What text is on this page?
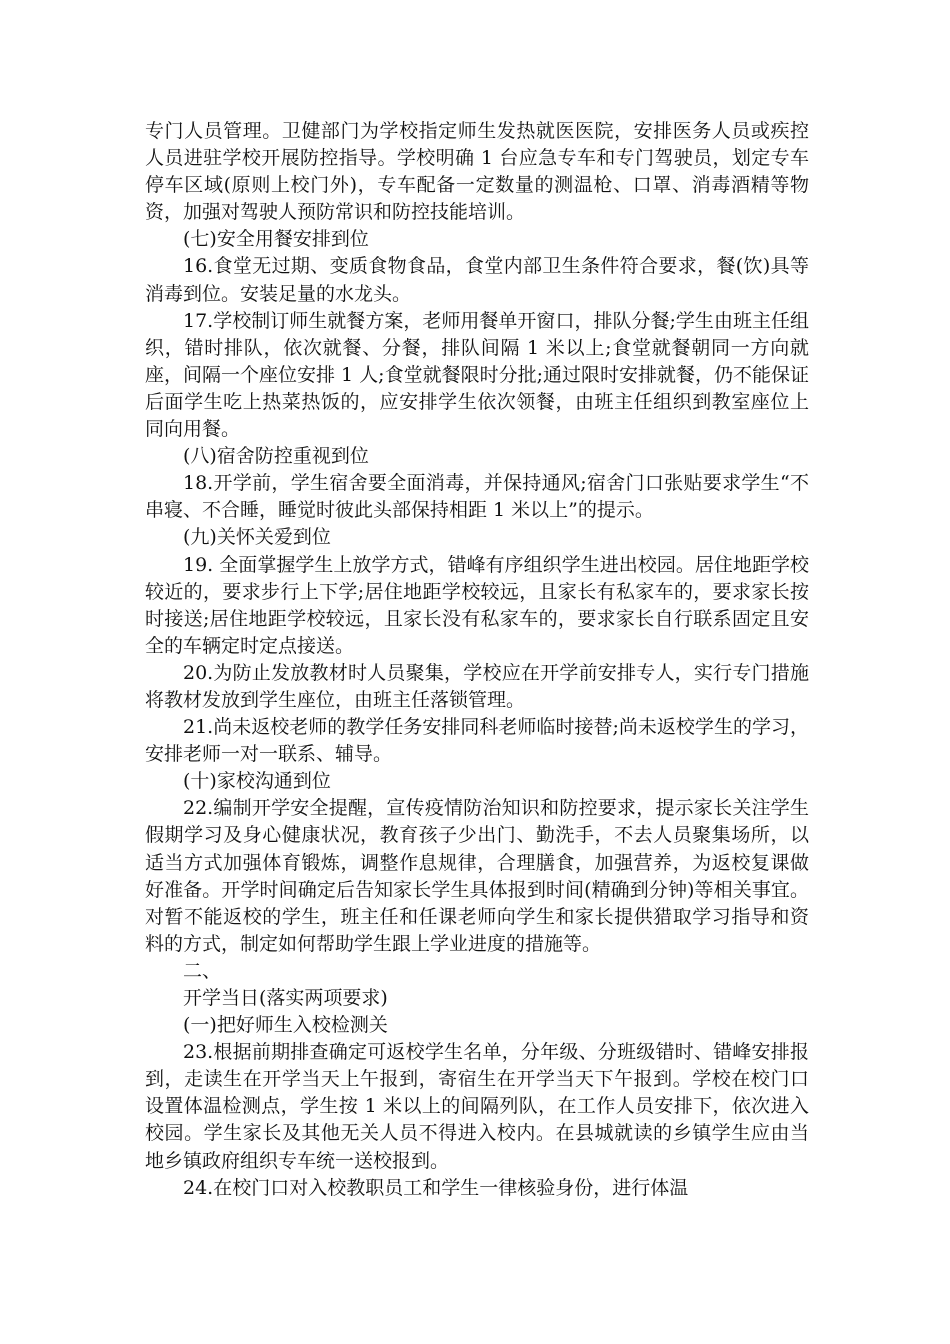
专门人员管理。卫健部门为学校指定师生发热就医医院，安排医务人员或疾控人员进驻学校开展防控指导。学校明确 1 台应急专车和专门驾驶员，划定专车停车区域(原则上校门外)，专车配备一定数量的测温枪、口罩、消毒酒精等物资，加强对驾驶人预防常识和防控技能培训。

(七)安全用餐安排到位

16.食堂无过期、变质食物食品，食堂内部卫生条件符合要求，餐(饮)具等消毒到位。安装足量的水龙头。

17.学校制订师生就餐方案，老师用餐单开窗口，排队分餐;学生由班主任组织，错时排队，依次就餐、分餐，排队间隔 1 米以上;食堂就餐朝同一方向就座，间隔一个座位安排 1 人;食堂就餐限时分批;通过限时安排就餐，仍不能保证后面学生吃上热菜热饭的，应安排学生依次领餐，由班主任组织到教室座位上同向用餐。

(八)宿舍防控重视到位

18.开学前，学生宿舍要全面消毒，并保持通风;宿舍门口张贴要求学生“不串寝、不合睡，睡觉时彼此头部保持相距 1 米以上”的提示。

(九)关怀关爱到位

19. 全面掌握学生上放学方式，错峰有序组织学生进出校园。居住地距学校较近的，要求步行上下学;居住地距学校较远，且家长有私家车的，要求家长按时接送;居住地距学校较远，且家长没有私家车的，要求家长自行联系固定且安全的车辆定时定点接送。

20.为防止发放教材时人员聚集，学校应在开学前安排专人，实行专门措施将教材发放到学生座位，由班主任落锁管理。

21.尚未返校老师的教学任务安排同科老师临时接替;尚未返校学生的学习，安排老师一对一联系、辅导。

(十)家校沟通到位

22.编制开学安全提醒，宣传疫情防治知识和防控要求，提示家长关注学生假期学习及身心健康状况，教育孩子少出门、勤洗手，不去人员聚集场所，以适当方式加强体育锻炼，调整作息规律，合理膳食，加强营养，为返校复课做好准备。开学时间确定后告知家长学生具体报到时间(精确到分钟)等相关事宜。对暂不能返校的学生，班主任和任课老师向学生和家长提供猎取学习指导和资料的方式，制定如何帮助学生跟上学业进度的措施等。

二、

开学当日(落实两项要求)

(一)把好师生入校检测关

23.根据前期排查确定可返校学生名单，分年级、分班级错时、错峰安排报到，走读生在开学当天上午报到，寄宿生在开学当天下午报到。学校在校门口设置体温检测点，学生按 1 米以上的间隔列队，在工作人员安排下，依次进入校园。学生家长及其他无关人员不得进入校内。在县城就读的乡镇学生应由当地乡镇政府组织专车统一送校报到。

24.在校门口对入校教职员工和学生一律核验身份，进行体温
